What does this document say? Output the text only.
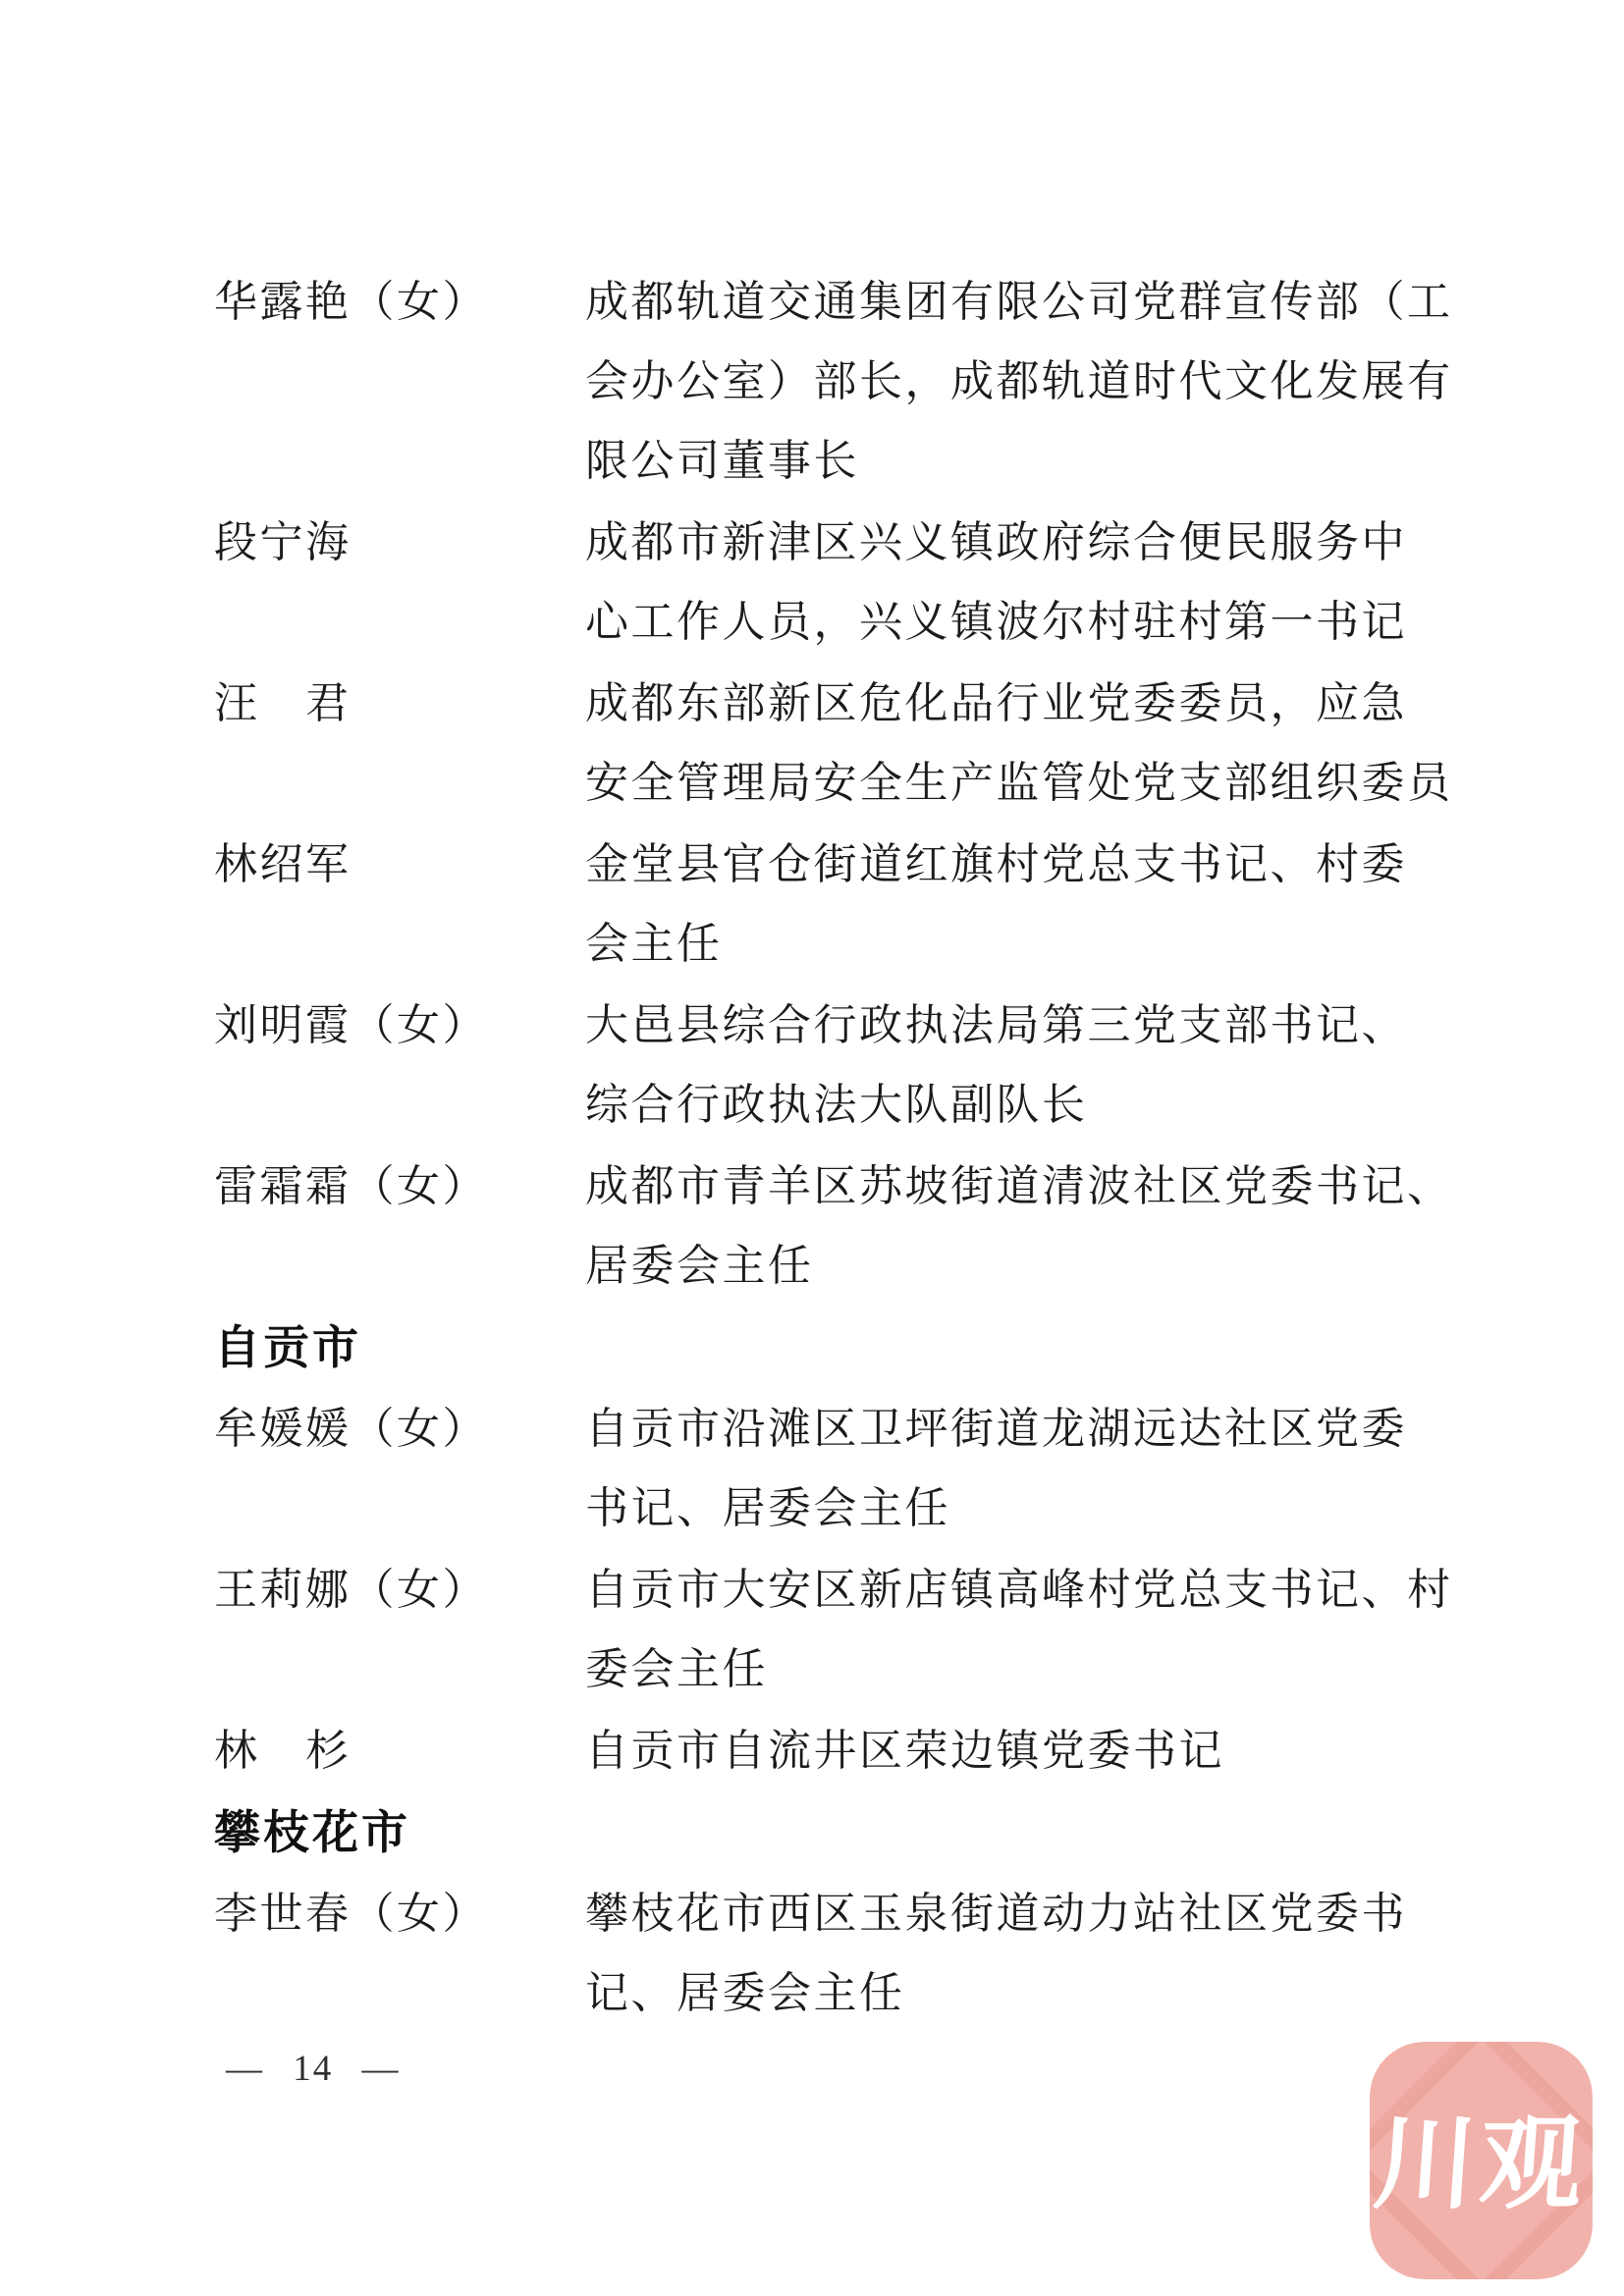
华露艳（女）	成都轨道交通集团有限公司党群宣传部（工
会办公室）部长，成都轨道时代文化发展有
限公司董事长
段宁海	成都市新津区兴义镇政府综合便民服务中
心工作人员，兴义镇波尔村驻村第一书记
汪　君	成都东部新区危化品行业党委委员，应急
安全管理局安全生产监管处党支部组织委员
林绍军	金堂县官仓街道红旗村党总支书记、村委
会主任
刘明霞（女）	大邑县综合行政执法局第三党支部书记、
综合行政执法大队副队长
雷霜霜（女）	成都市青羊区苏坡街道清波社区党委书记、
居委会主任
自贡市
牟媛媛（女）	自贡市沿滩区卫坪街道龙湖远达社区党委
书记、居委会主任
王莉娜（女）	自贡市大安区新店镇高峰村党总支书记、村
委会主任
林　杉	自贡市自流井区荣边镇党委书记
攀枝花市
李世春（女）	攀枝花市西区玉泉街道动力站社区党委书
记、居委会主任
— 14 —
川观
